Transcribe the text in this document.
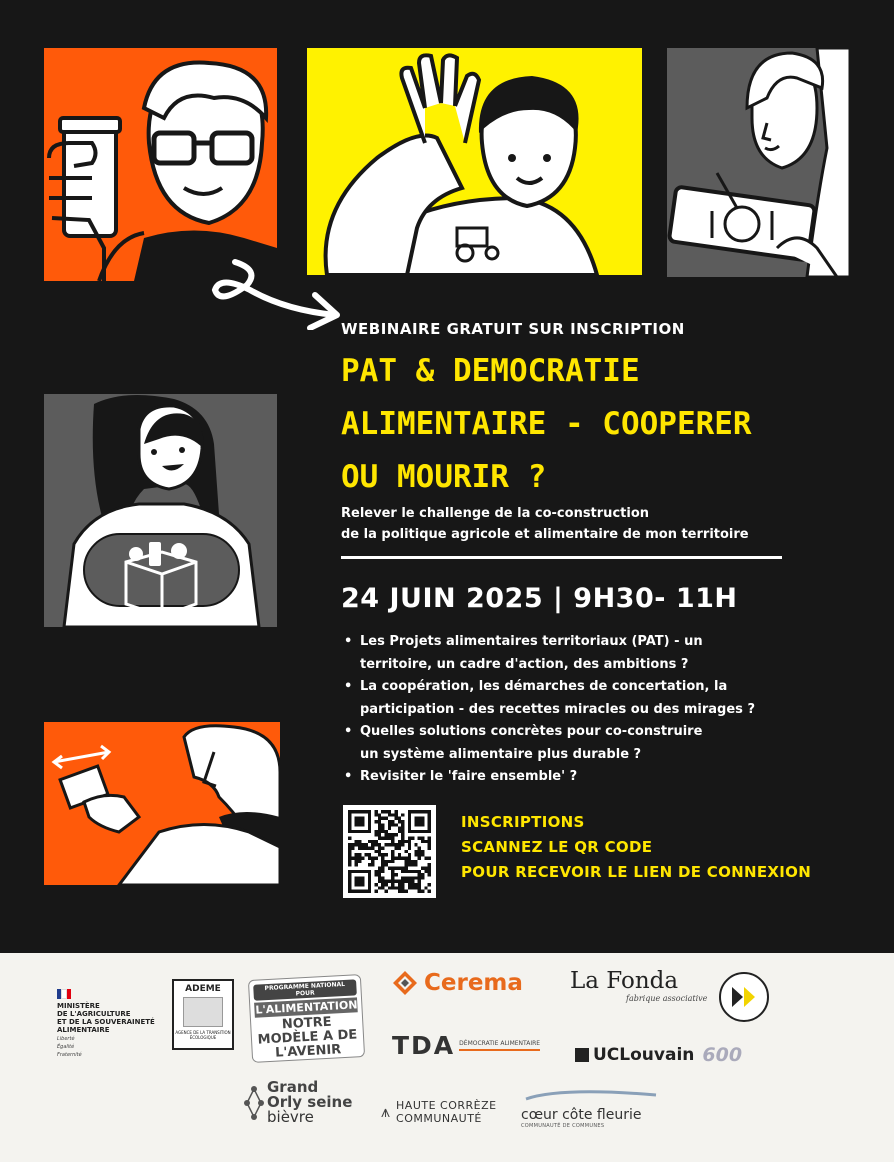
WEBINAIRE GRATUIT SUR INSCRIPTION
PAT & DEMOCRATIE
ALIMENTAIRE - COOPERER
OU MOURIR ?
Relever le challenge de la co-construction
de la politique agricole et alimentaire de mon territoire
24 JUIN 2025 | 9H30- 11H
• Les Projets alimentaires territoriaux (PAT) - un
territoire, un cadre d'action, des ambitions ?
• La coopération, les démarches de concertation, la
participation - des recettes miracles ou des mirages ?
• Quelles solutions concrètes pour co-construire
un système alimentaire plus durable ?
• Revisiter le 'faire ensemble' ?
INSCRIPTIONS
SCANNEZ LE QR CODE
POUR RECEVOIR LE LIEN DE CONNEXION
MINISTÈRE
DE L'AGRICULTURE
ET DE LA SOUVERAINETÉ
ALIMENTAIRE
Liberté
Égalité
Fraternité
ADEME
AGENCE DE LA TRANSITION ÉCOLOGIQUE
PROGRAMME NATIONAL POUR
L'ALIMENTATION
NOTRE MODÈLE A DE L'AVENIR
Cerema La Fonda
fabrique associative
TDA DÉMOCRATIE ALIMENTAIRE
UCLouvain 600
Grand
Orly seine
bièvre	⩚ HAUTE CORRÈZE
COMMUNAUTÉ	cœur côte fleurie
COMMUNAUTÉ DE COMMUNES
